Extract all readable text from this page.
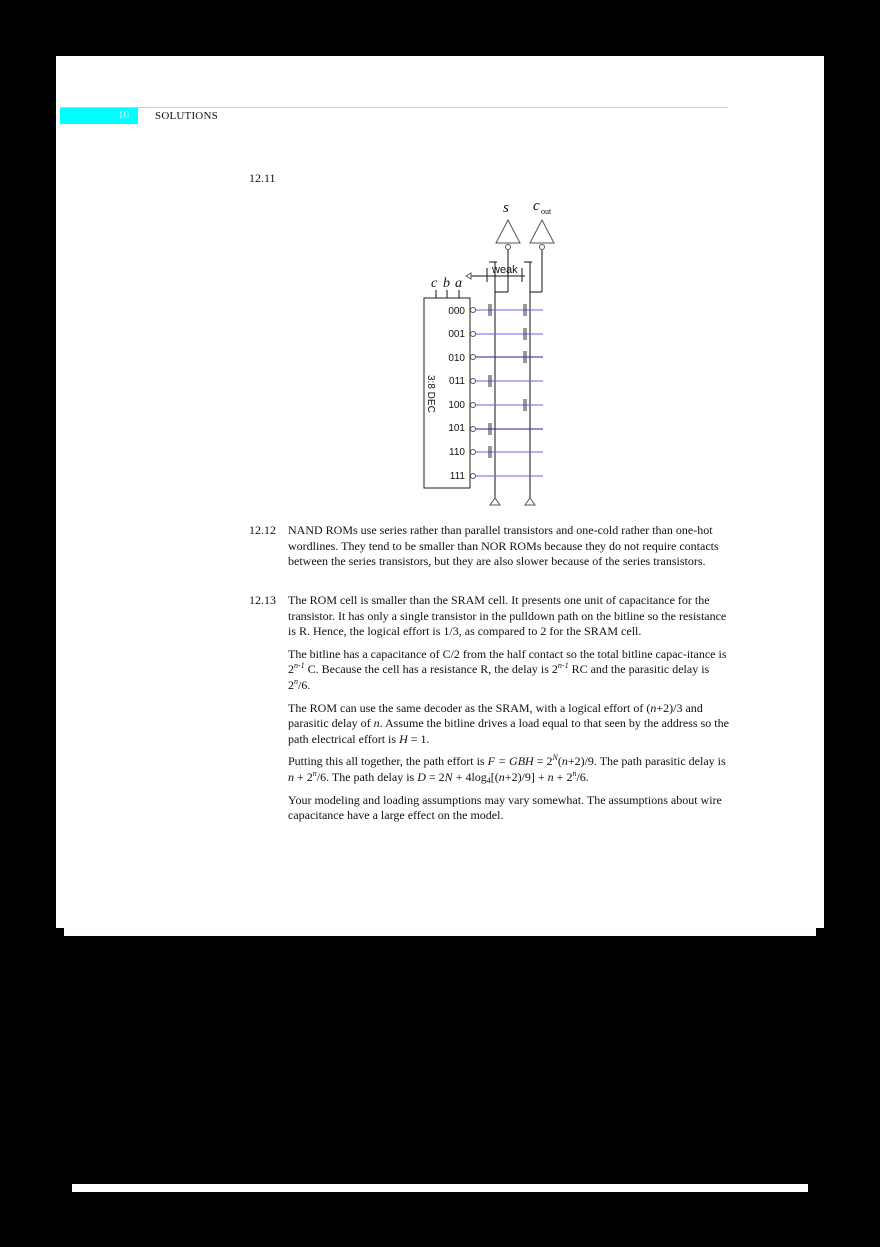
10 SOLUTIONS
12.11
s c out
c b a
weak
000
001
010
011
100
101
110
111
3:8 DEC
12.12	NAND ROMs use series rather than parallel transistors and one-cold rather than one-hot wordlines. They tend to be smaller than NOR ROMs because they do not require contacts between the series transistors, but they are also slower because of the series transistors.
12.13	The ROM cell is smaller than the SRAM cell. It presents one unit of capacitance for the transistor. It has only a single transistor in the pulldown path on the bitline so the resistance is R. Hence, the logical effort is 1/3, as compared to 2 for the SRAM cell.
The bitline has a capacitance of C/2 from the half contact so the total bitline capac-itance is 2$^{n-1}$ C. Because the cell has a resistance R, the delay is 2$^{n-1}$ RC and the parasitic delay is 2$^n$/6.
The ROM can use the same decoder as the SRAM, with a logical effort of (n+2)/3 and parasitic delay of n. Assume the bitline drives a load equal to that seen by the address so the path electrical effort is H = 1.
Putting this all together, the path effort is F = GBH = $2^N(n+2)/9$. The path parasitic delay is $n + 2^n/6$. The path delay is $D = 2N + 4\log_4[(n+2)/9] + n + 2^n/6$.
Your modeling and loading assumptions may vary somewhat. The assumptions about wire capacitance have a large effect on the model.
